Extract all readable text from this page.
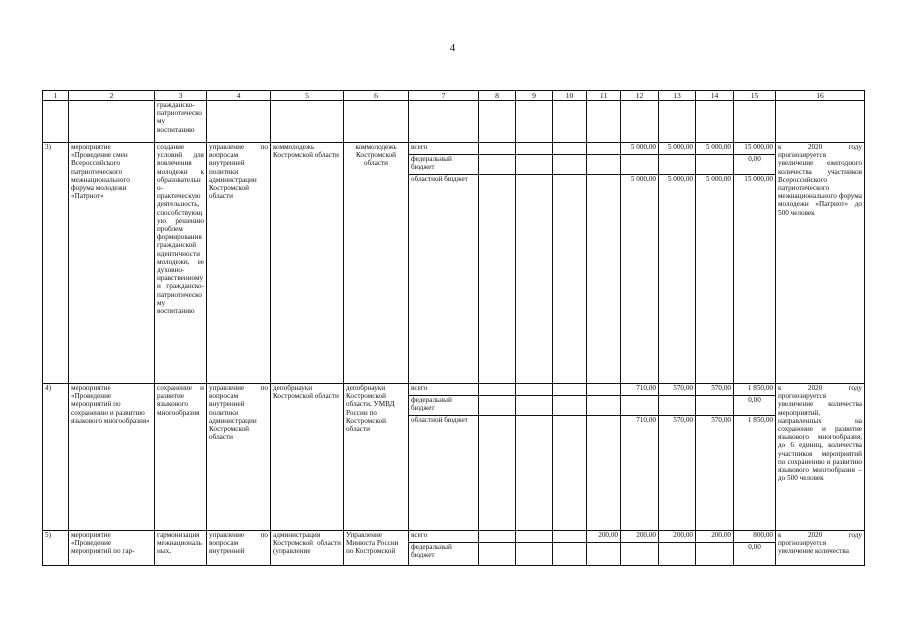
4
1	2	3	4	5	6	7	8	9	10	11	12	13	14	15	16
		гражданско-патриотическому воспитанию													
3)	мероприятие «Проведение смен Всероссийского патриотического межнационального форума молодежи «Патриот»	создание условий для вовлечения молодежи к образовательно-практическую деятельность, способствующую решению проблем формирования гражданской идентичности молодежи, ее духовно-нравственному и гражданско-патриотическому воспитанию	управление по вопросам внутренней политики администрации Костромской области	коммолодежь Костромской области	коммолодежь Костромской области	всего					5 000,00	5 000,00	5 000,00	15 000,00	к 2020 году прогнозируется увеличение ежегодного количества участников Всероссийского патриотического межнационального форума молодежи «Патриот» до 500 человек
						федеральный бюджет								0,00	
						областной бюджет					5 000,00	5 000,00	5 000,00	15 000,00	
4)	мероприятие «Проведение мероприятий по сохранению и развитию языкового многообразия»	сохранение и развитие языкового многообразия	управление по вопросам внутренней политики администрации Костромской области	депобрнауки Костромской области	депобрнауки Костромской области, УМВД России по Костромской области	всего					710,00	570,00	570,00	1 850,00	к 2020 году прогнозируется увеличение количества мероприятий, направленных на сохранение и развитие языкового многообразия, до 6 единиц, количества участников мероприятий по сохранению и развитию языкового многообразия – до 500 человек
						федеральный бюджет								0,00	
						областной бюджет					710,00	570,00	570,00	1 850,00	
5)	мероприятие «Проведение мероприятий по гар-	гармонизация межнациональных,	управление по вопросам внутренней	администрация Костромской области (управление	Управление Минюста России по Костромской	всего				200,00	200,00	200,00	200,00	800,00	к 2020 году прогнозируется увеличение количества
						федеральный бюджет								0,00	
